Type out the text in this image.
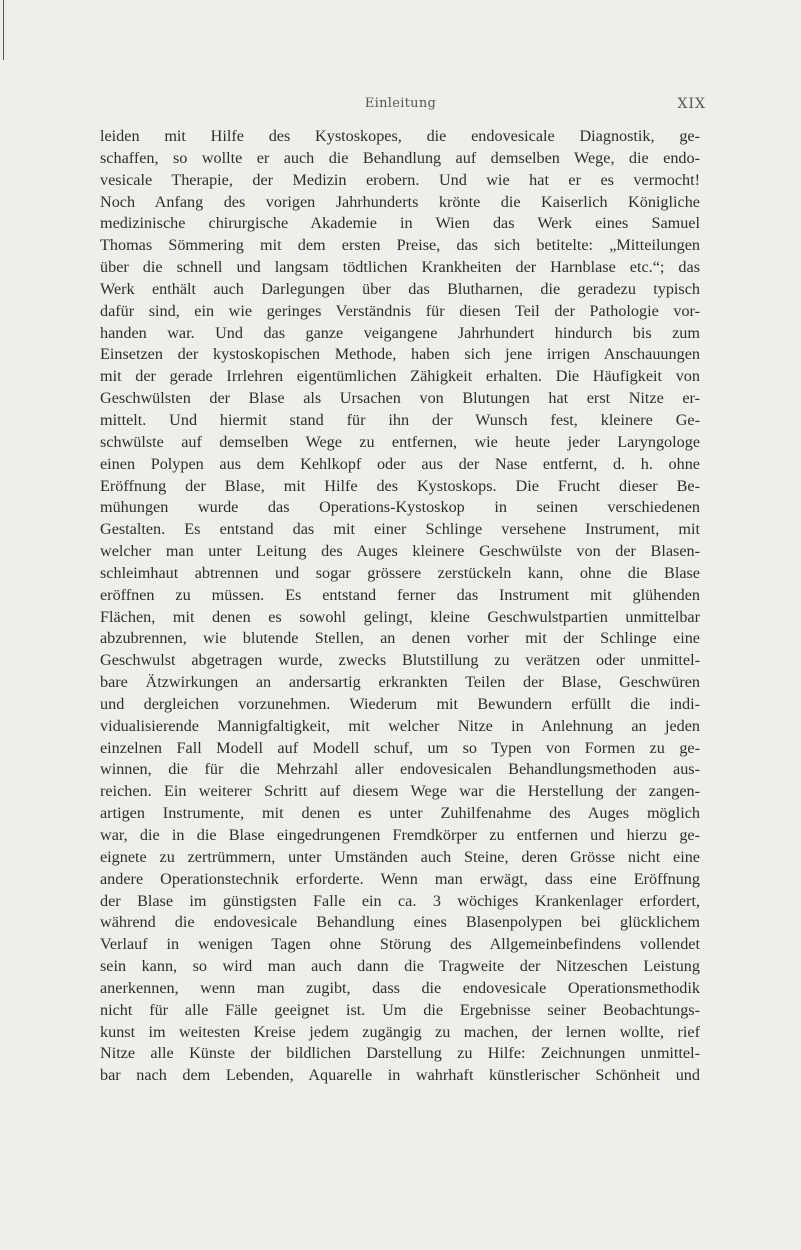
Einleitung	XIX
leiden mit Hilfe des Kystoskopes, die endovesicale Diagnostik, ge-
schaffen, so wollte er auch die Behandlung auf demselben Wege, die endo-
vesicale Therapie, der Medizin erobern. Und wie hat er es vermocht!
Noch Anfang des vorigen Jahrhunderts krönte die Kaiserlich Königliche
medizinische chirurgische Akademie in Wien das Werk eines Samuel
Thomas Sömmering mit dem ersten Preise, das sich betitelte: „Mitteilungen
über die schnell und langsam tödtlichen Krankheiten der Harnblase etc.“; das
Werk enthält auch Darlegungen über das Blutharnen, die geradezu typisch
dafür sind, ein wie geringes Verständnis für diesen Teil der Pathologie vor-
handen war. Und das ganze veigangene Jahrhundert hindurch bis zum
Einsetzen der kystoskopischen Methode, haben sich jene irrigen Anschauungen
mit der gerade Irrlehren eigentümlichen Zähigkeit erhalten. Die Häufigkeit von
Geschwülsten der Blase als Ursachen von Blutungen hat erst Nitze er-
mittelt. Und hiermit stand für ihn der Wunsch fest, kleinere Ge-
schwülste auf demselben Wege zu entfernen, wie heute jeder Laryngologe
einen Polypen aus dem Kehlkopf oder aus der Nase entfernt, d. h. ohne
Eröffnung der Blase, mit Hilfe des Kystoskops. Die Frucht dieser Be-
mühungen wurde das Operations-Kystoskop in seinen verschiedenen
Gestalten. Es entstand das mit einer Schlinge versehene Instrument, mit
welcher man unter Leitung des Auges kleinere Geschwülste von der Blasen-
schleimhaut abtrennen und sogar grössere zerstückeln kann, ohne die Blase
eröffnen zu müssen. Es entstand ferner das Instrument mit glühenden
Flächen, mit denen es sowohl gelingt, kleine Geschwulstpartien unmittelbar
abzubrennen, wie blutende Stellen, an denen vorher mit der Schlinge eine
Geschwulst abgetragen wurde, zwecks Blutstillung zu verätzen oder unmittel-
bare Ätzwirkungen an andersartig erkrankten Teilen der Blase, Geschwüren
und dergleichen vorzunehmen. Wiederum mit Bewundern erfüllt die indi-
vidualisierende Mannigfaltigkeit, mit welcher Nitze in Anlehnung an jeden
einzelnen Fall Modell auf Modell schuf, um so Typen von Formen zu ge-
winnen, die für die Mehrzahl aller endovesicalen Behandlungsmethoden aus-
reichen. Ein weiterer Schritt auf diesem Wege war die Herstellung der zangen-
artigen Instrumente, mit denen es unter Zuhilfenahme des Auges möglich
war, die in die Blase eingedrungenen Fremdkörper zu entfernen und hierzu ge-
eignete zu zertrümmern, unter Umständen auch Steine, deren Grösse nicht eine
andere Operationstechnik erforderte. Wenn man erwägt, dass eine Eröffnung
der Blase im günstigsten Falle ein ca. 3 wöchiges Krankenlager erfordert,
während die endovesicale Behandlung eines Blasenpolypen bei glücklichem
Verlauf in wenigen Tagen ohne Störung des Allgemeinbefindens vollendet
sein kann, so wird man auch dann die Tragweite der Nitzeschen Leistung
anerkennen, wenn man zugibt, dass die endovesicale Operationsmethodik
nicht für alle Fälle geeignet ist. Um die Ergebnisse seiner Beobachtungs-
kunst im weitesten Kreise jedem zugängig zu machen, der lernen wollte, rief
Nitze alle Künste der bildlichen Darstellung zu Hilfe: Zeichnungen unmittel-
bar nach dem Lebenden, Aquarelle in wahrhaft künstlerischer Schönheit und
